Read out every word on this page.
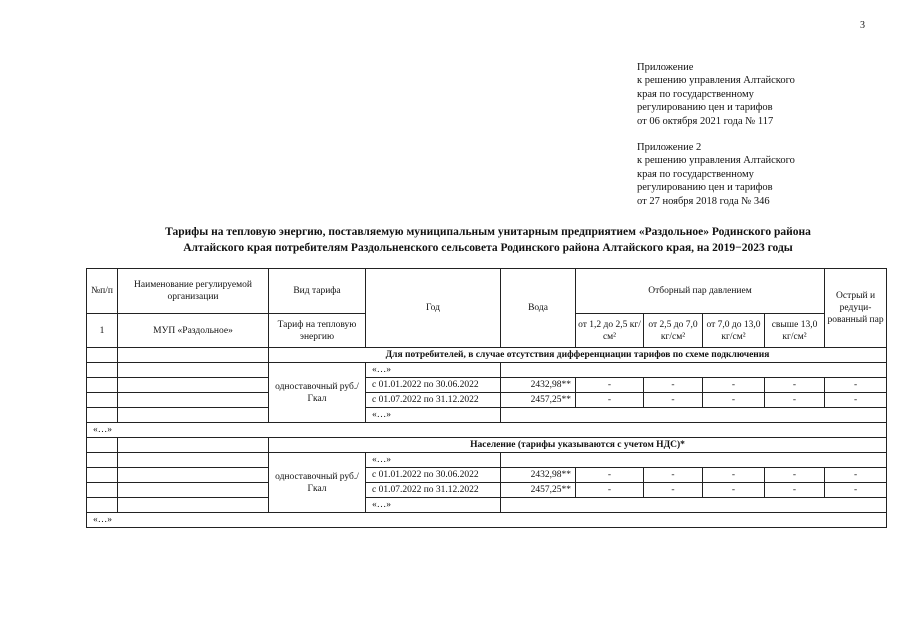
3
Приложение
к решению управления Алтайского
края по государственному
регулированию цен и тарифов
от 06 октября 2021 года № 117
Приложение 2
к решению управления Алтайского
края по государственному
регулированию цен и тарифов
от 27 ноября 2018 года № 346
Тарифы на тепловую энергию, поставляемую муниципальным унитарным предприятием «Раздольное» Родинского района
Алтайского края потребителям Раздольненского сельсовета Родинского района Алтайского края, на 2019−2023 годы
№п/п	Наименование регулируемой организации	Вид тарифа	Год	Вода	Отборный пар давлением				Острый и редуци-рованный пар
1	МУП «Раздольное»	Тариф на тепловую энергию			от 1,2 до 2,5 кг/см²	от 2,5 до 7,0 кг/см²	от 7,0 до 13,0 кг/см²	свыше 13,0 кг/см²	
		Для потребителей, в случае отсутствия дифференциации тарифов по схеме подключения							
		одноставочный руб./Гкал	«…»						
			с 01.01.2022 по 30.06.2022	2432,98**	-	-	-	-	-
			с 01.07.2022 по 31.12.2022	2457,25**	-	-	-	-	-
			«…»						
«…»									
		Население (тарифы указываются с учетом НДС)*							
		одноставочный руб./Гкал	«…»						
			с 01.01.2022 по 30.06.2022	2432,98**	-	-	-	-	-
			с 01.07.2022 по 31.12.2022	2457,25**	-	-	-	-	-
			«…»						
«…»									
